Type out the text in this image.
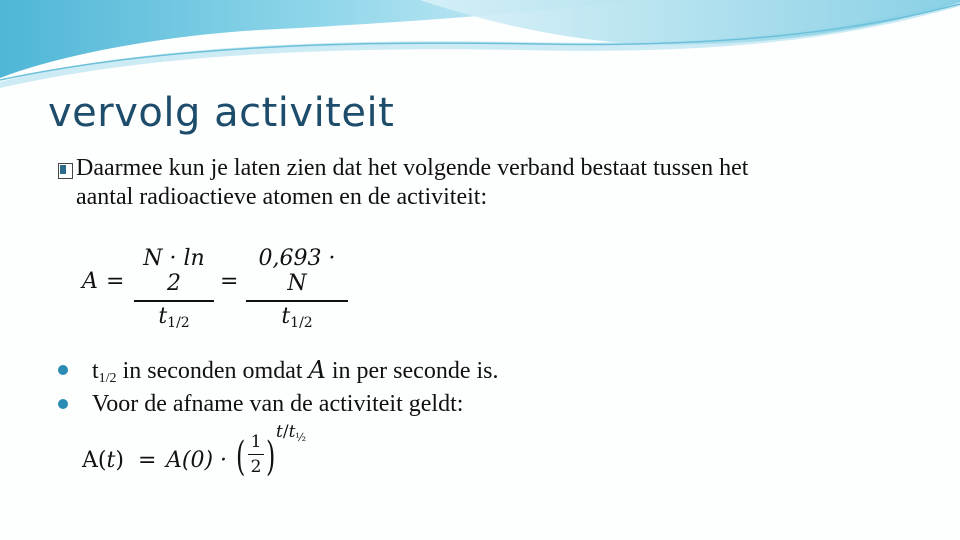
vervolg activiteit
Daarmee kun je laten zien dat het volgende verband bestaat tussen het
aantal radioactieve atomen en de activiteit:
A =
N · ln 2
$t_{1/2}$
=
0,693 · N
$t_{1/2}$
$t_{1/2}$ in seconden omdat A in per seconde is.
Voor de afname van de activiteit geldt:
A(t) = A(0) · ( 1
2 )
$t/t_{\frac{1}{2}}$
